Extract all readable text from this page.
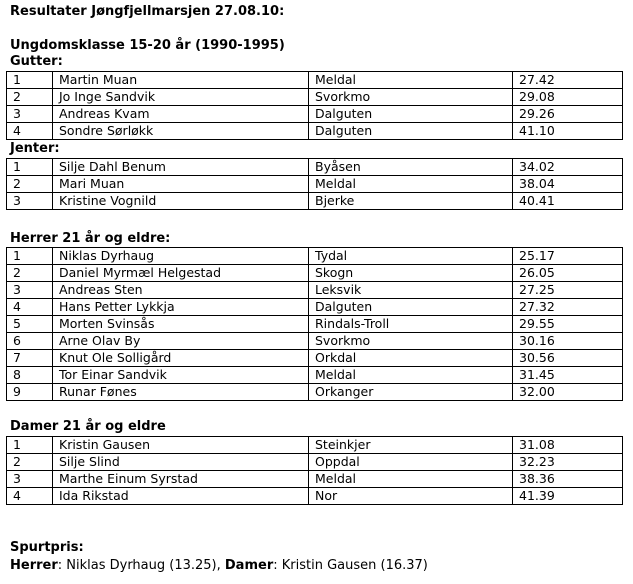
Resultater Jøngfjellmarsjen 27.08.10:
Ungdomsklasse 15-20 år (1990-1995)
Gutter:
1	Martin Muan	Meldal	27.42
2	Jo Inge Sandvik	Svorkmo	29.08
3	Andreas Kvam	Dalguten	29.26
4	Sondre Sørløkk	Dalguten	41.10
Jenter:
1	Silje Dahl Benum	Byåsen	34.02
2	Mari Muan	Meldal	38.04
3	Kristine Vognild	Bjerke	40.41
Herrer 21 år og eldre:
1	Niklas Dyrhaug	Tydal	25.17
2	Daniel Myrmæl Helgestad	Skogn	26.05
3	Andreas Sten	Leksvik	27.25
4	Hans Petter Lykkja	Dalguten	27.32
5	Morten Svinsås	Rindals-Troll	29.55
6	Arne Olav By	Svorkmo	30.16
7	Knut Ole Solligård	Orkdal	30.56
8	Tor Einar Sandvik	Meldal	31.45
9	Runar Fønes	Orkanger	32.00
Damer 21 år og eldre
1	Kristin Gausen	Steinkjer	31.08
2	Silje Slind	Oppdal	32.23
3	Marthe Einum Syrstad	Meldal	38.36
4	Ida Rikstad	Nor	41.39
Spurtpris:
Herrer: Niklas Dyrhaug (13.25), Damer: Kristin Gausen (16.37)
